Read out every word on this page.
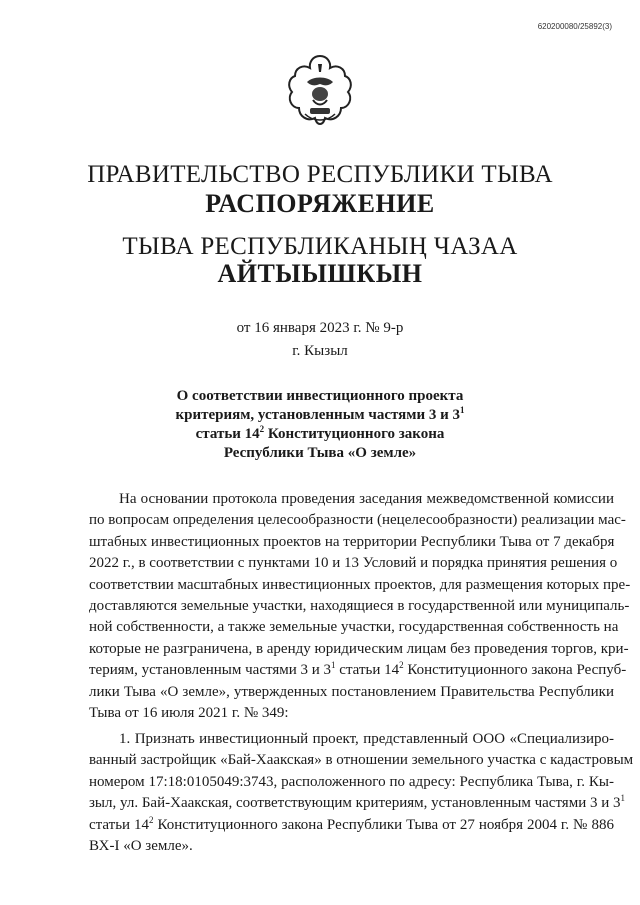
620200080/25892(3)
ПРАВИТЕЛЬСТВО РЕСПУБЛИКИ ТЫВА
РАСПОРЯЖЕНИЕ
ТЫВА РЕСПУБЛИКАНЫҢ ЧАЗАА
АЙТЫЫШКЫН
от 16 января 2023 г. № 9-р
г. Кызыл
О соответствии инвестиционного проекта
критериям, установленным частями 3 и $3^1$
статьи $14^2$ Конституционного закона
Республики Тыва «О земле»
На основании протокола проведения заседания межведомственной комиссии
по вопросам определения целесообразности (нецелесообразности) реализации мас-
штабных инвестиционных проектов на территории Республики Тыва от 7 декабря
2022 г., в соответствии с пунктами 10 и 13 Условий и порядка принятия решения о
соответствии масштабных инвестиционных проектов, для размещения которых пре-
доставляются земельные участки, находящиеся в государственной или муниципаль-
ной собственности, а также земельные участки, государственная собственность на
которые не разграничена, в аренду юридическим лицам без проведения торгов, кри-
териям, установленным частями 3 и $3^1$ статьи $14^2$ Конституционного закона Респуб-
лики Тыва «О земле», утвержденных постановлением Правительства Республики
Тыва от 16 июля 2021 г. № 349:
1. Признать инвестиционный проект, представленный ООО «Специализиро-
ванный застройщик «Бай-Хаакская» в отношении земельного участка с кадастровым
номером 17:18:0105049:3743, расположенного по адресу: Республика Тыва, г. Кы-
зыл, ул. Бай-Хаакская, соответствующим критериям, установленным частями 3 и $3^1$
статьи $14^2$ Конституционного закона Республики Тыва от 27 ноября 2004 г. № 886
ВХ-I «О земле».
